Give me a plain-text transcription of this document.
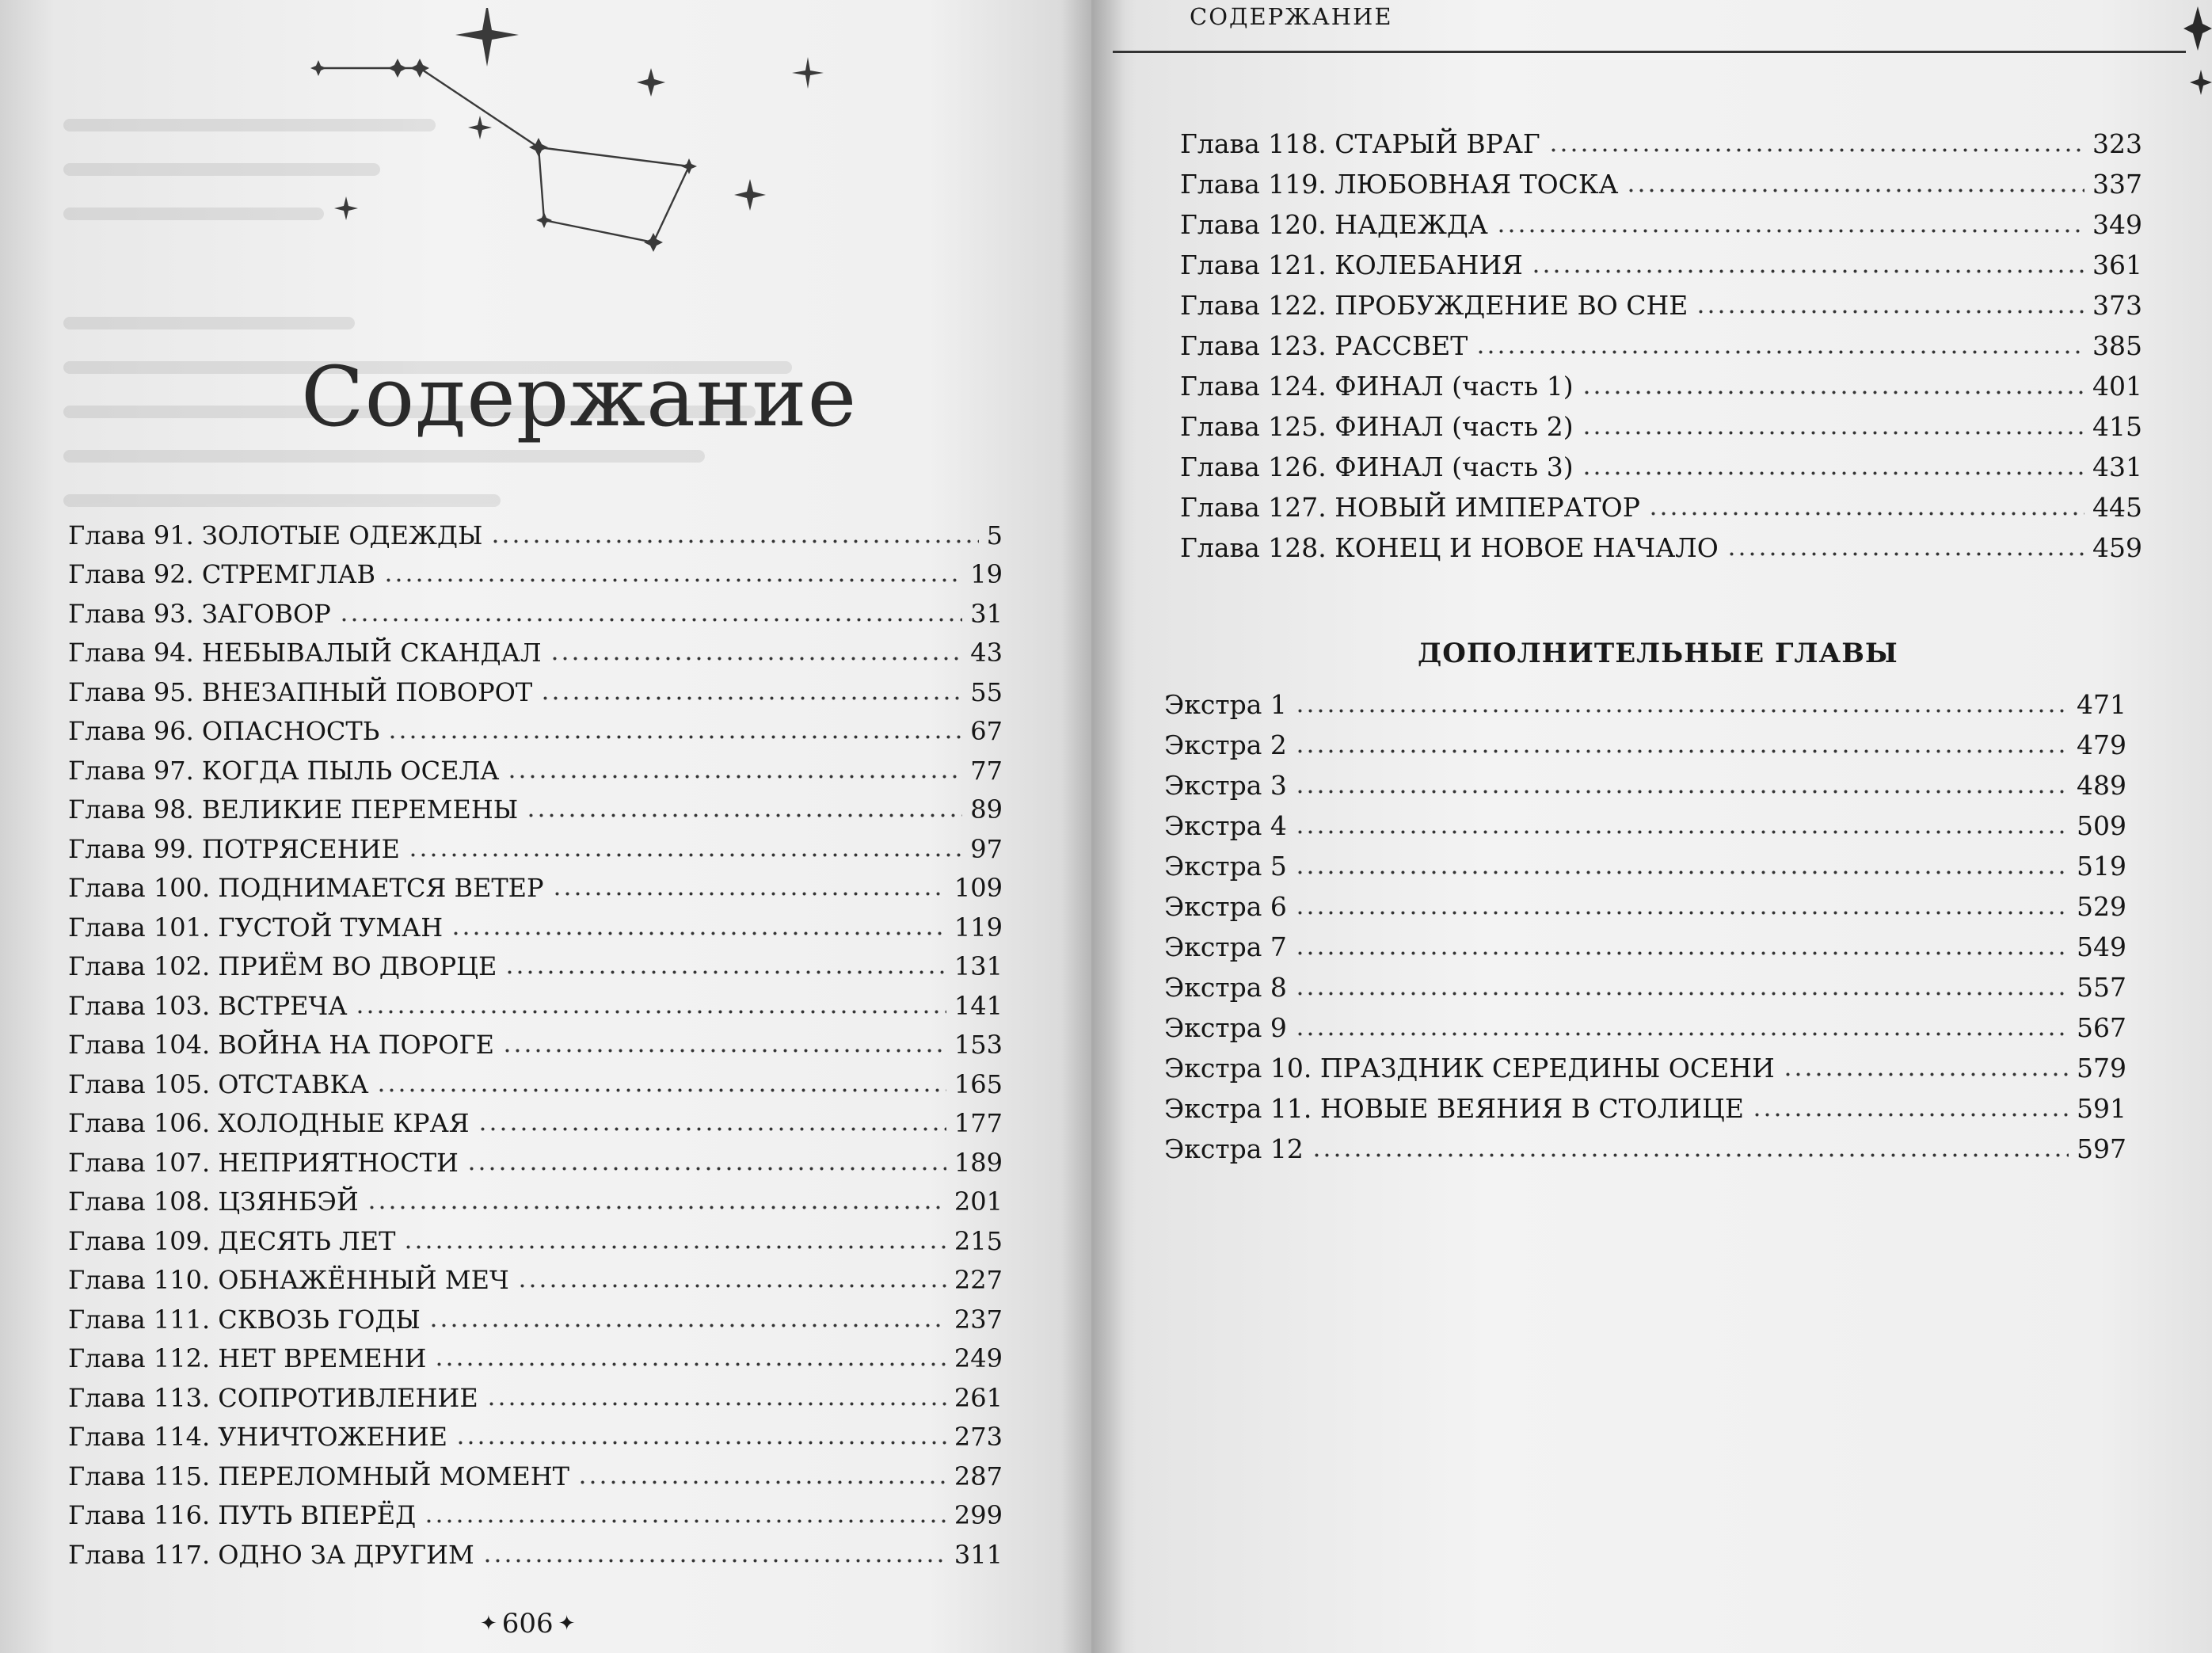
Содержание
Глава 91. ЗОЛОТЫЕ ОДЕЖДЫ	5
Глава 92. СТРЕМГЛАВ	19
Глава 93. ЗАГОВОР	31
Глава 94. НЕБЫВАЛЫЙ СКАНДАЛ	43
Глава 95. ВНЕЗАПНЫЙ ПОВОРОТ	55
Глава 96. ОПАСНОСТЬ	67
Глава 97. КОГДА ПЫЛЬ ОСЕЛА	77
Глава 98. ВЕЛИКИЕ ПЕРЕМЕНЫ	89
Глава 99. ПОТРЯСЕНИЕ	97
Глава 100. ПОДНИМАЕТСЯ ВЕТЕР	109
Глава 101. ГУСТОЙ ТУМАН	119
Глава 102. ПРИЁМ ВО ДВОРЦЕ	131
Глава 103. ВСТРЕЧА	141
Глава 104. ВОЙНА НА ПОРОГЕ	153
Глава 105. ОТСТАВКА	165
Глава 106. ХОЛОДНЫЕ КРАЯ	177
Глава 107. НЕПРИЯТНОСТИ	189
Глава 108. ЦЗЯНБЭЙ	201
Глава 109. ДЕСЯТЬ ЛЕТ	215
Глава 110. ОБНАЖЁННЫЙ МЕЧ	227
Глава 111. СКВОЗЬ ГОДЫ	237
Глава 112. НЕТ ВРЕМЕНИ	249
Глава 113. СОПРОТИВЛЕНИЕ	261
Глава 114. УНИЧТОЖЕНИЕ	273
Глава 115. ПЕРЕЛОМНЫЙ МОМЕНТ	287
Глава 116. ПУТЬ ВПЕРЁД	299
Глава 117. ОДНО ЗА ДРУГИМ	311
✦ 606 ✦
СОДЕРЖАНИЕ
Глава 118. СТАРЫЙ ВРАГ	323
Глава 119. ЛЮБОВНАЯ ТОСКА	337
Глава 120. НАДЕЖДА	349
Глава 121. КОЛЕБАНИЯ	361
Глава 122. ПРОБУЖДЕНИЕ ВО СНЕ	373
Глава 123. РАССВЕТ	385
Глава 124. ФИНАЛ (часть 1)	401
Глава 125. ФИНАЛ (часть 2)	415
Глава 126. ФИНАЛ (часть 3)	431
Глава 127. НОВЫЙ ИМПЕРАТОР	445
Глава 128. КОНЕЦ И НОВОЕ НАЧАЛО	459
ДОПОЛНИТЕЛЬНЫЕ ГЛАВЫ
Экстра 1	471
Экстра 2	479
Экстра 3	489
Экстра 4	509
Экстра 5	519
Экстра 6	529
Экстра 7	549
Экстра 8	557
Экстра 9	567
Экстра 10. ПРАЗДНИК СЕРЕДИНЫ ОСЕНИ	579
Экстра 11. НОВЫЕ ВЕЯНИЯ В СТОЛИЦЕ	591
Экстра 12	597
